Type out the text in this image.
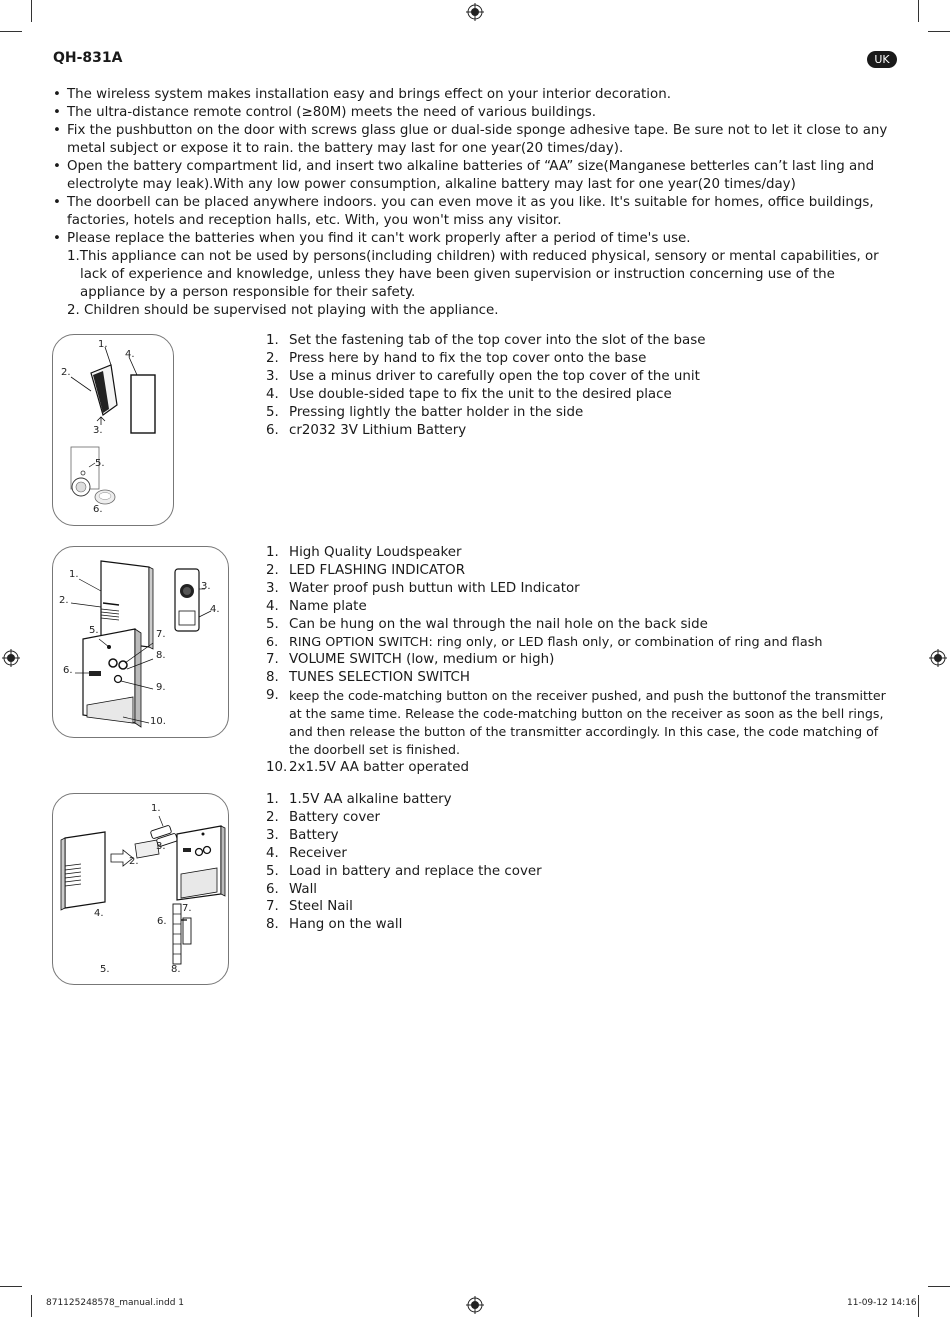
QH-831A	UK
• The wireless system makes installation easy and brings effect on your interior decoration.
• The ultra-distance remote control (≥80M) meets the need of various buildings.
• Fix the pushbutton on the door with screws glass glue or dual-side sponge adhesive tape. Be sure not to let it close to any metal subject or expose it to rain. the battery may last for one year(20 times/day).
• Open the battery compartment lid, and insert two alkaline batteries of “AA” size(Manganese betterles can’t last ling and electrolyte may leak).With any low power consumption, alkaline battery may last for one year(20 times/day)
• The doorbell can be placed anywhere indoors. you can even move it as you like. It's suitable for homes, office buildings, factories, hotels and reception halls, etc. With, you won't miss any visitor.
• Please replace the batteries when you find it can't work properly after a period of time's use.
1.This appliance can not be used by persons(including children) with reduced physical, sensory or mental capabilities, or lack of experience and knowledge, unless they have been given supervision or instruction concerning use of the appliance by a person responsible for their safety.
2. Children should be supervised not playing with the appliance.
1.
2.
3.
4.
5.
6.
1. Set the fastening tab of the top cover into the slot of the base
2. Press here by hand to fix the top cover onto the base
3. Use a minus driver to carefully open the top cover of the unit
4. Use double-sided tape to fix the unit to the desired place
5. Pressing lightly the batter holder in the side
6. cr2032 3V Lithium Battery
1.
2.
3.
4.
5.
6.
7.
8.
9.
10.
1. High Quality Loudspeaker
2. LED FLASHING INDICATOR
3. Water proof push buttun with LED Indicator
4. Name plate
5. Can be hung on the wal through the nail hole on the back side
6. RING OPTION SWITCH: ring only, or LED flash only, or combination of ring and flash
7. VOLUME SWITCH (low, medium or high)
8. TUNES SELECTION SWITCH
9. keep the code-matching button on the receiver pushed, and push the buttonof the transmitter at the same time. Release the code-matching button on the receiver as soon as the bell rings, and then release the button of the transmitter accordingly. In this case, the code matching of the doorbell set is finished.
10. 2x1.5V AA batter operated
1.
2.
3.
4.
5.
6.
7.
8.
1. 1.5V AA alkaline battery
2. Battery cover
3. Battery
4. Receiver
5. Load in battery and replace the cover
6. Wall
7. Steel Nail
8. Hang on the wall
871125248578_manual.indd 1	11-09-12 14:16
